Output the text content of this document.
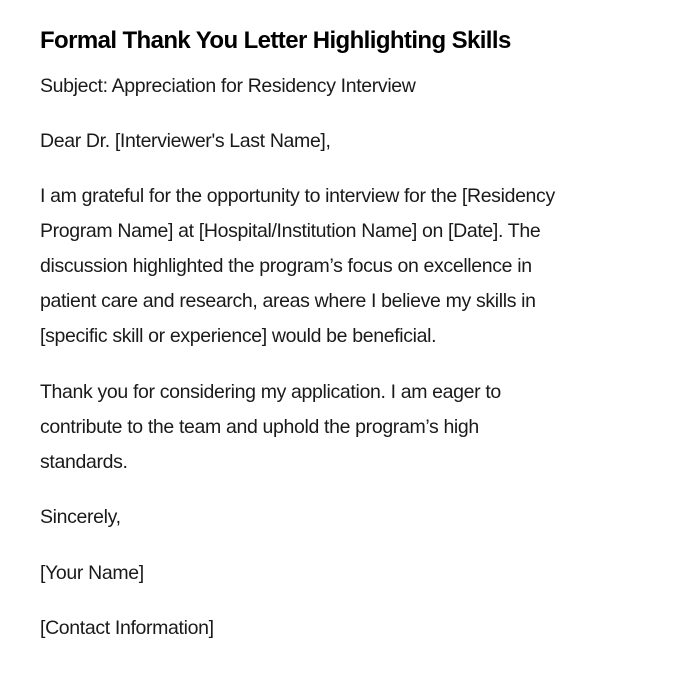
Formal Thank You Letter Highlighting Skills

Subject: Appreciation for Residency Interview

Dear Dr. [Interviewer's Last Name],

I am grateful for the opportunity to interview for the [Residency
Program Name] at [Hospital/Institution Name] on [Date]. The
discussion highlighted the program’s focus on excellence in
patient care and research, areas where I believe my skills in
[specific skill or experience] would be beneficial.

Thank you for considering my application. I am eager to
contribute to the team and uphold the program’s high
standards.

Sincerely,

[Your Name]

[Contact Information]
